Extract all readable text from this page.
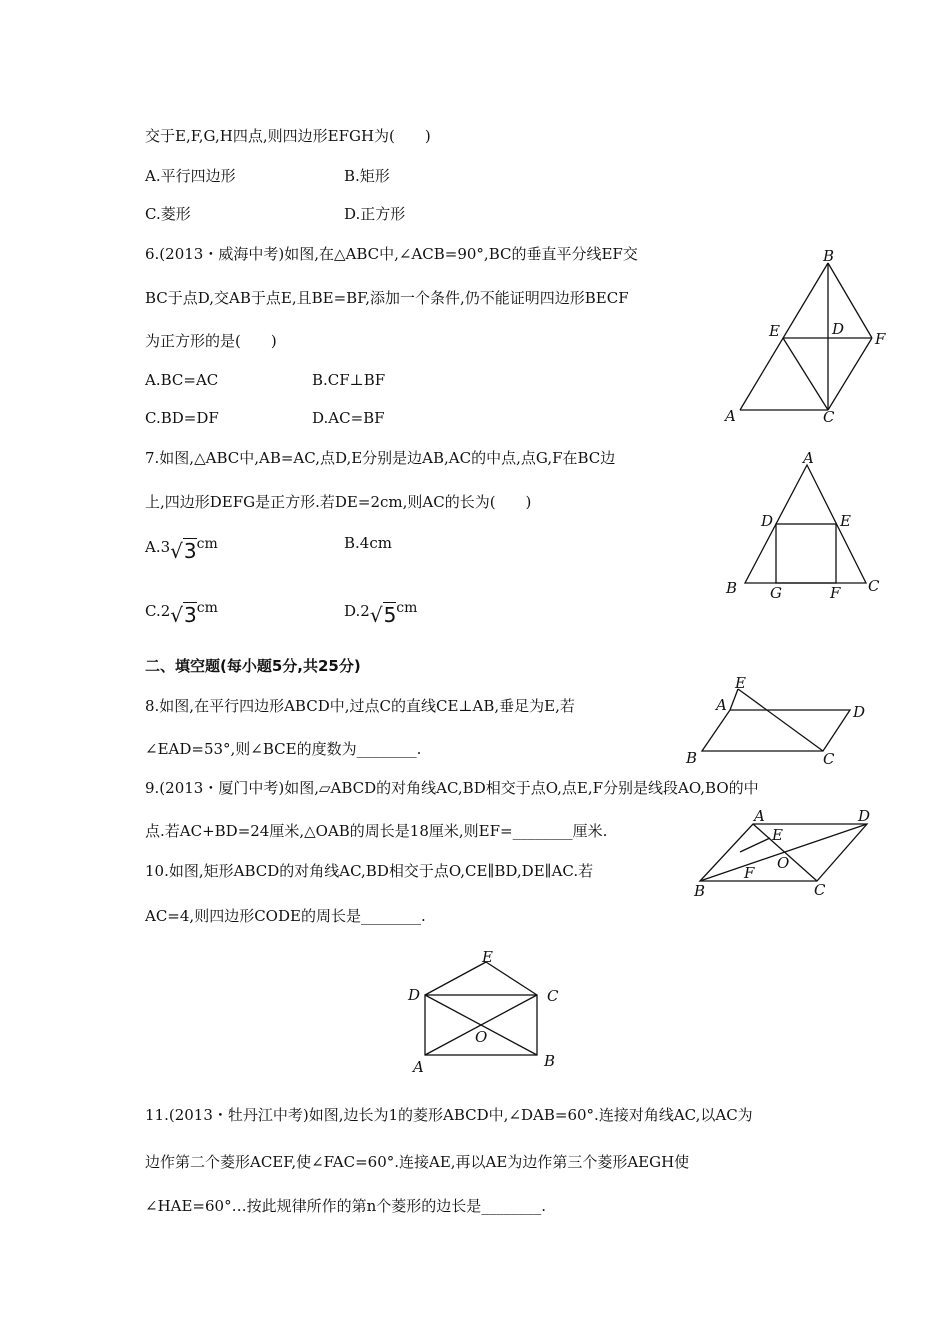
交于E,F,G,H四点,则四边形EFGH为(　　)
A.平行四边形	B.矩形
C.菱形	D.正方形
6.(2013・威海中考)如图,在△ABC中,∠ACB=90°,BC的垂直平分线EF交
BC于点D,交AB于点E,且BE=BF,添加一个条件,仍不能证明四边形BECF
为正方形的是(　　)
A.BC=AC	B.CF⊥BF
C.BD=DF	D.AC=BF
B
E	D
F
A	C
7.如图,△ABC中,AB=AC,点D,E分别是边AB,AC的中点,点G,F在BC边
上,四边形DEFG是正方形.若DE=2cm,则AC的长为(　　)
A.3√3cm	B.4cm
C.2√3cm	D.2√5cm
A
D	E
B G	F C
二、填空题(每小题5分,共25分)
8.如图,在平行四边形ABCD中,过点C的直线CE⊥AB,垂足为E,若
∠EAD=53°,则∠BCE的度数为________.
E
A	D
B	C
9.(2013・厦门中考)如图,▱ABCD的对角线AC,BD相交于点O,点E,F分别是线段AO,BO的中
点.若AC+BD=24厘米,△OAB的周长是18厘米,则EF=________厘米.
10.如图,矩形ABCD的对角线AC,BD相交于点O,CE∥BD,DE∥AC.若
AC=4,则四边形CODE的周长是________.
A	D
E
O
F
B	C
E
D	C
O
A	B
11.(2013・牡丹江中考)如图,边长为1的菱形ABCD中,∠DAB=60°.连接对角线AC,以AC为
边作第二个菱形ACEF,使∠FAC=60°.连接AE,再以AE为边作第三个菱形AEGH使
∠HAE=60°…按此规律所作的第n个菱形的边长是________.
